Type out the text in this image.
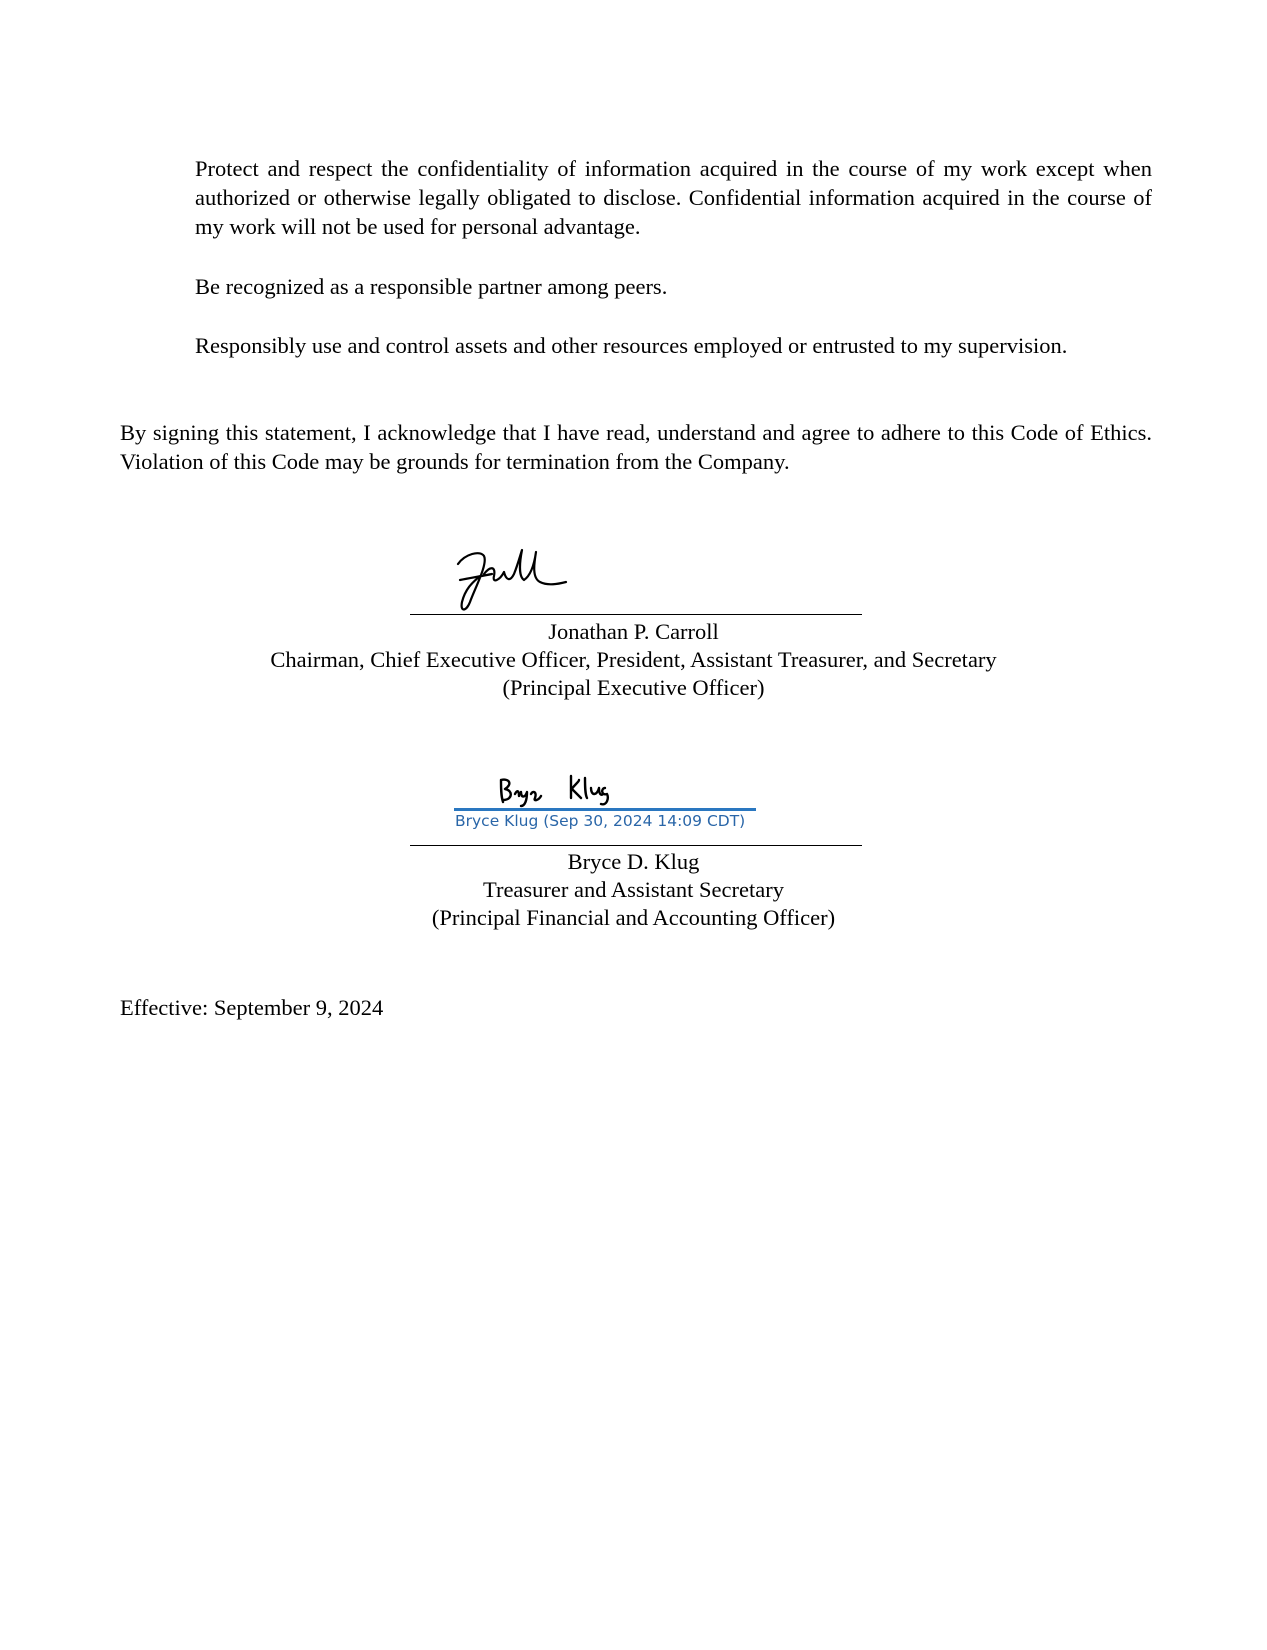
Protect and respect the confidentiality of information acquired in the course of my work except when authorized or otherwise legally obligated to disclose. Confidential information acquired in the course of my work will not be used for personal advantage.

Be recognized as a responsible partner among peers.

Responsibly use and control assets and other resources employed or entrusted to my supervision.

By signing this statement, I acknowledge that I have read, understand and agree to adhere to this Code of Ethics. Violation of this Code may be grounds for termination from the Company.

Jonathan P. Carroll

Chairman, Chief Executive Officer, President, Assistant Treasurer, and Secretary

(Principal Executive Officer)

Bryce Klug (Sep 30, 2024 14:09 CDT)

Bryce D. Klug

Treasurer and Assistant Secretary

(Principal Financial and Accounting Officer)

Effective: September 9, 2024
